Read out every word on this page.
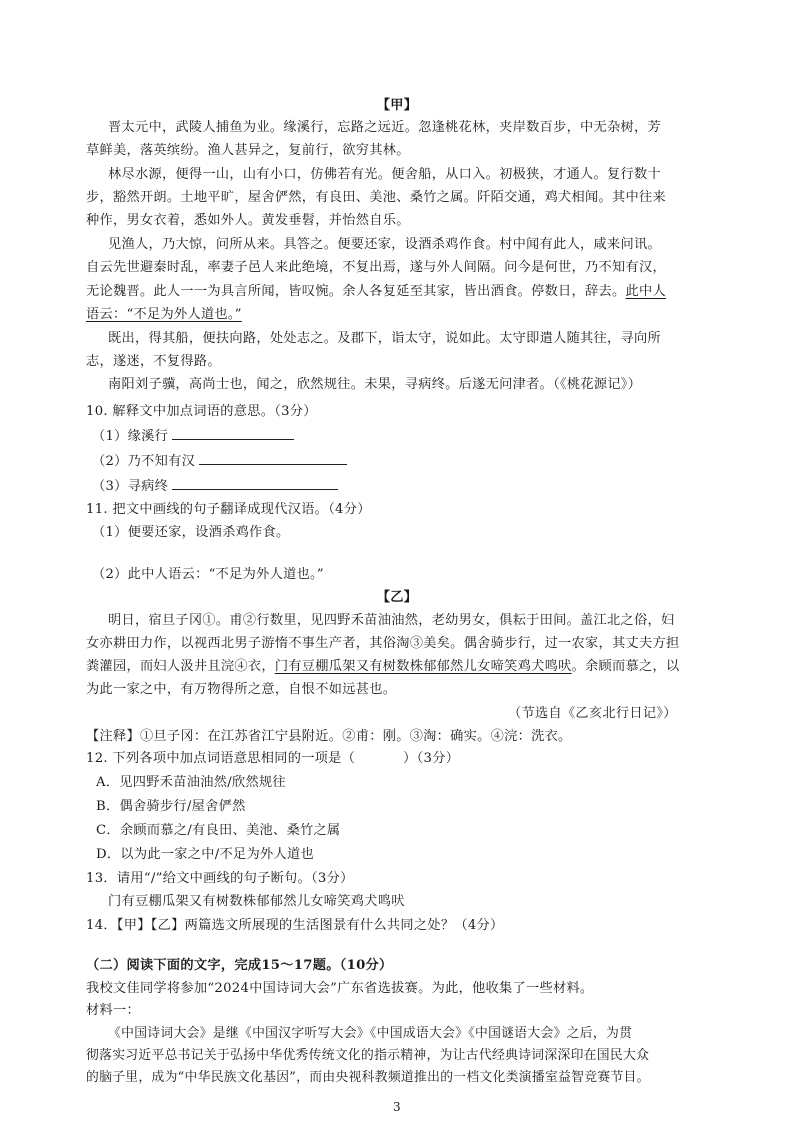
【甲】
晋太元中，武陵人捕鱼为业。缘溪行，忘路之远近。忽逢桃花林，夹岸数百步，中无杂树，芳
草鲜美，落英缤纷。渔人甚异之，复前行，欲穷其林。
林尽水源，便得一山，山有小口，仿佛若有光。便舍船，从口入。初极狭，才通人。复行数十
步，豁然开朗。土地平旷，屋舍俨然，有良田、美池、桑竹之属。阡陌交通，鸡犬相闻。其中往来
种作，男女衣着，悉如外人。黄发垂髫，并怡然自乐。
见渔人，乃大惊，问所从来。具答之。便要还家，设酒杀鸡作食。村中闻有此人，咸来问讯。
自云先世避秦时乱，率妻子邑人来此绝境，不复出焉，遂与外人间隔。问今是何世，乃不知有汉，
无论魏晋。此人一一为具言所闻，皆叹惋。余人各复延至其家，皆出酒食。停数日，辞去。此中人
语云：“不足为外人道也。”
既出，得其船，便扶向路，处处志之。及郡下，诣太守，说如此。太守即遣人随其往，寻向所
志，遂迷，不复得路。
南阳刘子骥，高尚士也，闻之，欣然规往。未果，寻病终。后遂无问津者。（《桃花源记》）
10. 解释文中加点词语的意思。（3分）
（1）缘溪行
（2）乃不知有汉
（3）寻病终
11. 把文中画线的句子翻译成现代汉语。（4分）
（1）便要还家，设酒杀鸡作食。
（2）此中人语云：“不足为外人道也。”
【乙】
明日，宿旦子冈①。甫②行数里，见四野禾苗油油然，老幼男女，俱耘于田间。盖江北之俗，妇
女亦耕田力作，以视西北男子游惰不事生产者，其俗淘③美矣。偶舍骑步行，过一农家，其丈夫方担
粪灌园，而妇人汲井且浣④衣，门有豆棚瓜架又有树数株郁郁然儿女啼笑鸡犬鸣吠。余顾而慕之，以
为此一家之中，有万物得所之意，自恨不如远甚也。
（节选自《乙亥北行日记》）
【注释】①旦子冈：在江苏省江宁县附近。②甫：刚。③淘：确实。④浣：洗衣。
12. 下列各项中加点词语意思相同的一项是（	）（3分）
A．见四野禾苗油油然/欣然规往
B．偶舍骑步行/屋舍俨然
C．余顾而慕之/有良田、美池、桑竹之属
D．以为此一家之中/不足为外人道也
13．请用“/”给文中画线的句子断句。（3分）
门有豆棚瓜架又有树数株郁郁然儿女啼笑鸡犬鸣吠
14．【甲】【乙】两篇选文所展现的生活图景有什么共同之处？（4分）
（二）阅读下面的文字，完成15～17题。（10分）
我校文佳同学将参加“2024中国诗词大会”广东省选拔赛。为此，他收集了一些材料。
材料一：
《中国诗词大会》是继《中国汉字听写大会》《中国成语大会》《中国谜语大会》之后，为贯
彻落实习近平总书记关于弘扬中华优秀传统文化的指示精神，为让古代经典诗词深深印在国民大众
的脑子里，成为“中华民族文化基因”，而由央视科教频道推出的一档文化类演播室益智竞赛节目。
3
